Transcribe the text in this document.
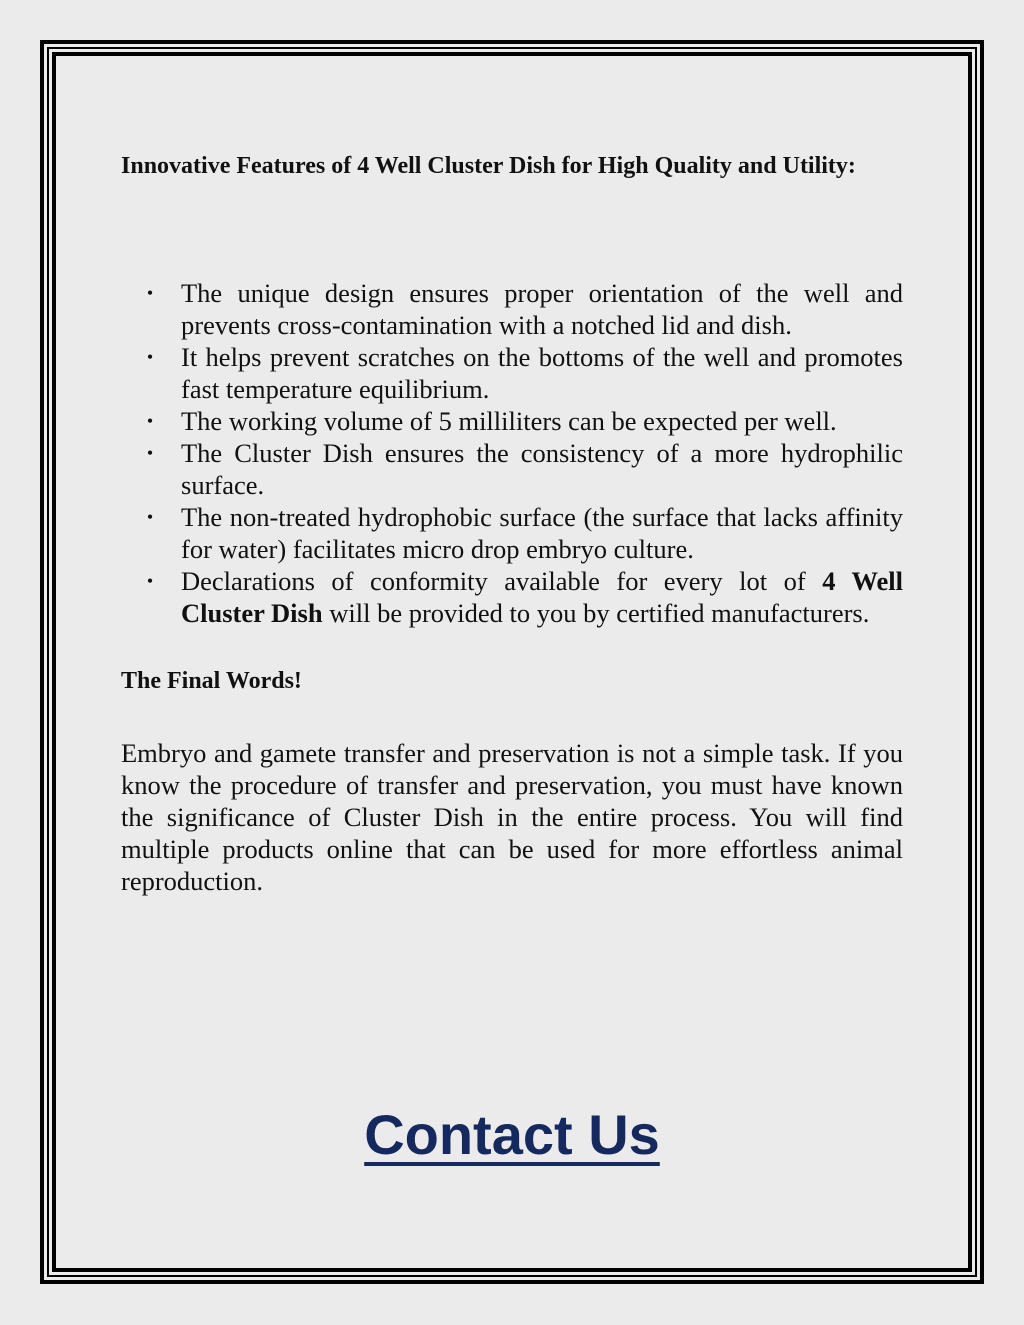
Innovative Features of 4 Well Cluster Dish for High Quality and Utility:
• The unique design ensures proper orientation of the well and prevents cross-contamination with a notched lid and dish.
• It helps prevent scratches on the bottoms of the well and promotes fast temperature equilibrium.
• The working volume of 5 milliliters can be expected per well.
• The Cluster Dish ensures the consistency of a more hydrophilic surface.
• The non-treated hydrophobic surface (the surface that lacks affinity for water) facilitates micro drop embryo culture.
• Declarations of conformity available for every lot of 4 Well Cluster Dish will be provided to you by certified manufacturers.
The Final Words!

Embryo and gamete transfer and preservation is not a simple task. If you know the procedure of transfer and preservation, you must have known the significance of Cluster Dish in the entire process. You will find multiple products online that can be used for more effortless animal reproduction.

Contact Us
